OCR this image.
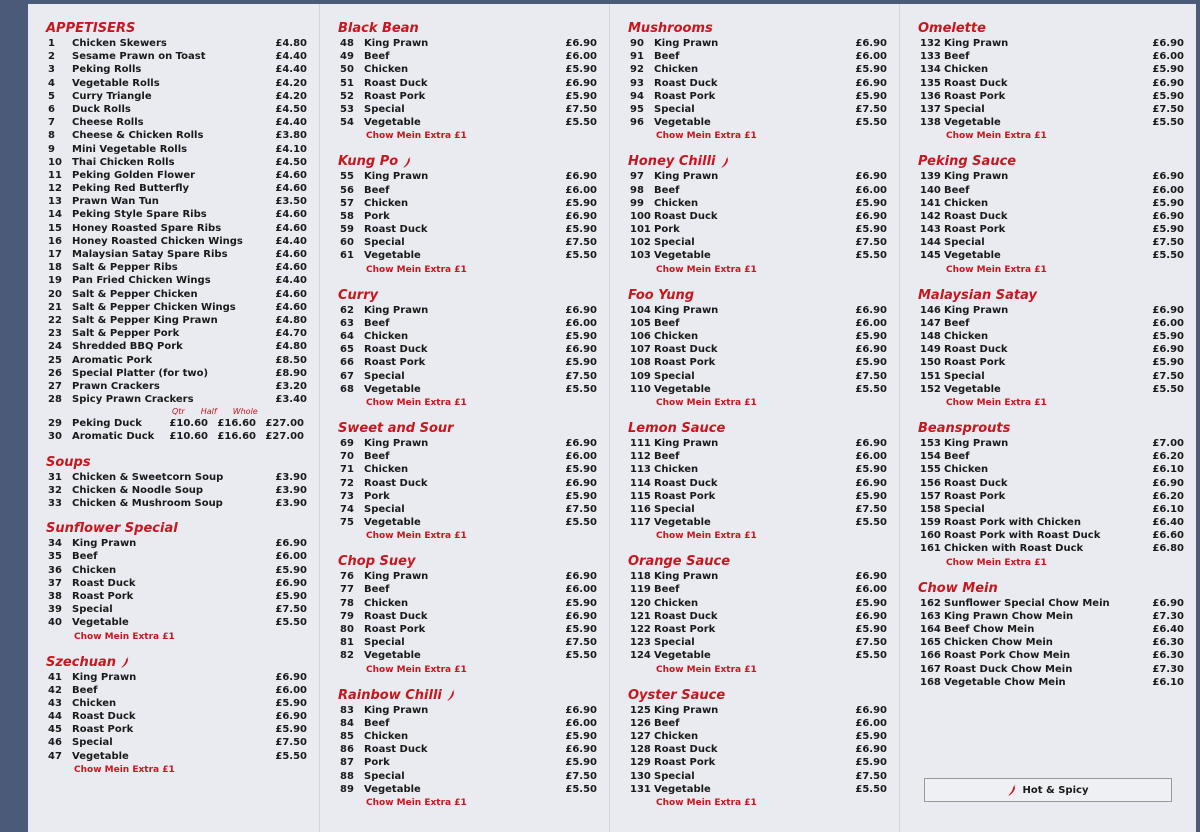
APPETISERS
1	Chicken Skewers	£4.80
2	Sesame Prawn on Toast	£4.40
3	Peking Rolls	£4.40
4	Vegetable Rolls	£4.20
5	Curry Triangle	£4.20
6	Duck Rolls	£4.50
7	Cheese Rolls	£4.40
8	Cheese & Chicken Rolls	£3.80
9	Mini Vegetable Rolls	£4.10
10	Thai Chicken Rolls	£4.50
11	Peking Golden Flower	£4.60
12	Peking Red Butterfly	£4.60
13	Prawn Wan Tun	£3.50
14	Peking Style Spare Ribs	£4.60
15	Honey Roasted Spare Ribs	£4.60
16	Honey Roasted Chicken Wings	£4.40
17	Malaysian Satay Spare Ribs	£4.60
18	Salt & Pepper Ribs	£4.60
19	Pan Fried Chicken Wings	£4.40
20	Salt & Pepper Chicken	£4.60
21	Salt & Pepper Chicken Wings	£4.60
22	Salt & Pepper King Prawn	£4.80
23	Salt & Pepper Pork	£4.70
24	Shredded BBQ Pork	£4.80
25	Aromatic Pork	£8.50
26	Special Platter (for two)	£8.90
27	Prawn Crackers	£3.20
28	Spicy Prawn Crackers	£3.40
Qtr Half Whole
29	Peking Duck	£10.60 £16.60 £27.00
30	Aromatic Duck	£10.60 £16.60 £27.00
Soups
31	Chicken & Sweetcorn Soup	£3.90
32	Chicken & Noodle Soup	£3.90
33	Chicken & Mushroom Soup	£3.90
Sunflower Special
34	King Prawn	£6.90
35	Beef	£6.00
36	Chicken	£5.90
37	Roast Duck	£6.90
38	Roast Pork	£5.90
39	Special	£7.50
40	Vegetable	£5.50
Chow Mein Extra £1
Szechuan
41	King Prawn	£6.90
42	Beef	£6.00
43	Chicken	£5.90
44	Roast Duck	£6.90
45	Roast Pork	£5.90
46	Special	£7.50
47	Vegetable	£5.50
Chow Mein Extra £1
Black Bean
48	King Prawn	£6.90
49	Beef	£6.00
50	Chicken	£5.90
51	Roast Duck	£6.90
52	Roast Pork	£5.90
53	Special	£7.50
54	Vegetable	£5.50
Chow Mein Extra £1
Kung Po
55	King Prawn	£6.90
56	Beef	£6.00
57	Chicken	£5.90
58	Pork	£6.90
59	Roast Duck	£5.90
60	Special	£7.50
61	Vegetable	£5.50
Chow Mein Extra £1
Curry
62	King Prawn	£6.90
63	Beef	£6.00
64	Chicken	£5.90
65	Roast Duck	£6.90
66	Roast Pork	£5.90
67	Special	£7.50
68	Vegetable	£5.50
Chow Mein Extra £1
Sweet and Sour
69	King Prawn	£6.90
70	Beef	£6.00
71	Chicken	£5.90
72	Roast Duck	£6.90
73	Pork	£5.90
74	Special	£7.50
75	Vegetable	£5.50
Chow Mein Extra £1
Chop Suey
76	King Prawn	£6.90
77	Beef	£6.00
78	Chicken	£5.90
79	Roast Duck	£6.90
80	Roast Pork	£5.90
81	Special	£7.50
82	Vegetable	£5.50
Chow Mein Extra £1
Rainbow Chilli
83	King Prawn	£6.90
84	Beef	£6.00
85	Chicken	£5.90
86	Roast Duck	£6.90
87	Pork	£5.90
88	Special	£7.50
89	Vegetable	£5.50
Chow Mein Extra £1
Mushrooms
90	King Prawn	£6.90
91	Beef	£6.00
92	Chicken	£5.90
93	Roast Duck	£6.90
94	Roast Pork	£5.90
95	Special	£7.50
96	Vegetable	£5.50
Chow Mein Extra £1
Honey Chilli
97	King Prawn	£6.90
98	Beef	£6.00
99	Chicken	£5.90
100 Roast Duck	£6.90
101 Pork	£5.90
102 Special	£7.50
103 Vegetable	£5.50
Chow Mein Extra £1
Foo Yung
104 King Prawn	£6.90
105 Beef	£6.00
106 Chicken	£5.90
107 Roast Duck	£6.90
108 Roast Pork	£5.90
109 Special	£7.50
110 Vegetable	£5.50
Chow Mein Extra £1
Lemon Sauce
111 King Prawn	£6.90
112 Beef	£6.00
113 Chicken	£5.90
114 Roast Duck	£6.90
115 Roast Pork	£5.90
116 Special	£7.50
117 Vegetable	£5.50
Chow Mein Extra £1
Orange Sauce
118 King Prawn	£6.90
119 Beef	£6.00
120 Chicken	£5.90
121 Roast Duck	£6.90
122 Roast Pork	£5.90
123 Special	£7.50
124 Vegetable	£5.50
Chow Mein Extra £1
Oyster Sauce
125 King Prawn	£6.90
126 Beef	£6.00
127 Chicken	£5.90
128 Roast Duck	£6.90
129 Roast Pork	£5.90
130 Special	£7.50
131 Vegetable	£5.50
Chow Mein Extra £1
Omelette
132 King Prawn	£6.90
133 Beef	£6.00
134 Chicken	£5.90
135 Roast Duck	£6.90
136 Roast Pork	£5.90
137 Special	£7.50
138 Vegetable	£5.50
Chow Mein Extra £1
Peking Sauce
139 King Prawn	£6.90
140 Beef	£6.00
141 Chicken	£5.90
142 Roast Duck	£6.90
143 Roast Pork	£5.90
144 Special	£7.50
145 Vegetable	£5.50
Chow Mein Extra £1
Malaysian Satay
146 King Prawn	£6.90
147 Beef	£6.00
148 Chicken	£5.90
149 Roast Duck	£6.90
150 Roast Pork	£5.90
151 Special	£7.50
152 Vegetable	£5.50
Chow Mein Extra £1
Beansprouts
153 King Prawn	£7.00
154 Beef	£6.20
155 Chicken	£6.10
156 Roast Duck	£6.90
157 Roast Pork	£6.20
158 Special	£6.10
159 Roast Pork with Chicken	£6.40
160 Roast Pork with Roast Duck	£6.60
161 Chicken with Roast Duck	£6.80
Chow Mein Extra £1
Chow Mein
162 Sunflower Special Chow Mein	£6.90
163 King Prawn Chow Mein	£7.30
164 Beef Chow Mein	£6.40
165 Chicken Chow Mein	£6.30
166 Roast Pork Chow Mein	£6.30
167 Roast Duck Chow Mein	£7.30
168 Vegetable Chow Mein	£6.10
Hot & Spicy
